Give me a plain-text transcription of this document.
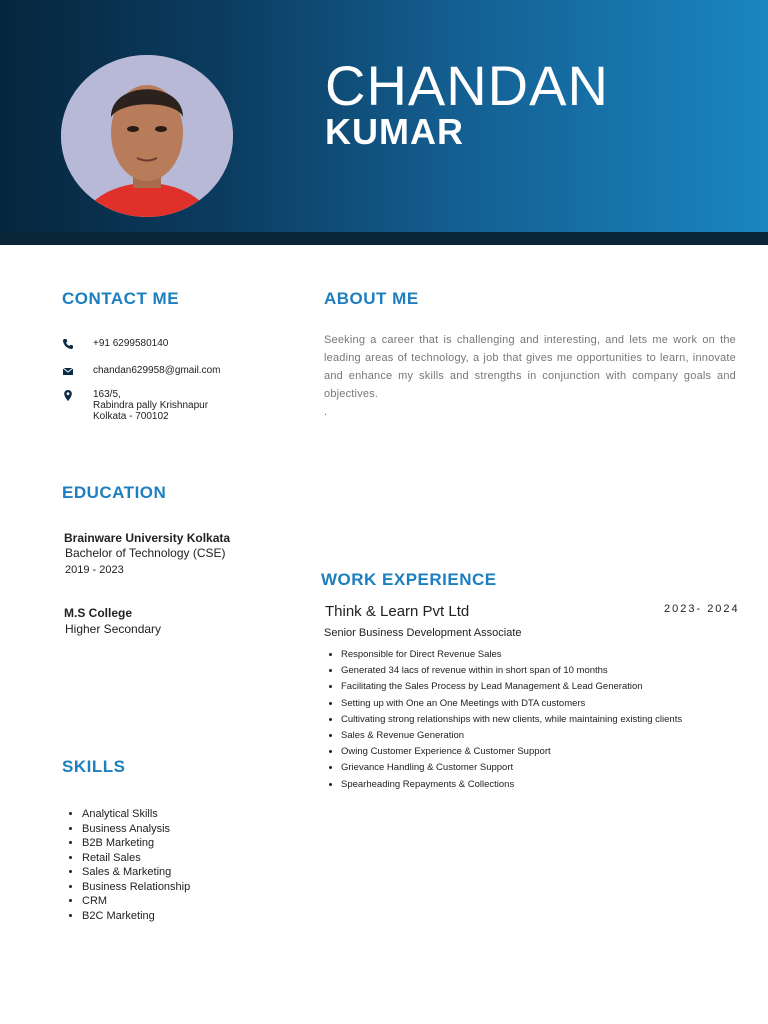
CHANDAN
KUMAR
CONTACT ME
+91 6299580140
chandan629958@gmail.com
163/5,
Rabindra pally Krishnapur
Kolkata - 700102
ABOUT ME
Seeking a career that is challenging and interesting, and lets me work on the leading areas of technology, a job that gives me opportunities to learn, innovate and enhance my skills and strengths in conjunction with company goals and objectives.
.
EDUCATION
Brainware University Kolkata
Bachelor of Technology (CSE)
2019 - 2023
M.S College
Higher Secondary
WORK EXPERIENCE
Think & Learn Pvt Ltd	2023- 2024
Senior Business Development Associate
• Responsible for Direct Revenue Sales
• Generated 34 lacs of revenue within in short span of 10 months
• Facilitating the Sales Process by Lead Management & Lead Generation
• Setting up with One an One Meetings with DTA customers
• Cultivating strong relationships with new clients, while maintaining existing clients
• Sales & Revenue Generation
• Owing Customer Experience & Customer Support
• Grievance Handling & Customer Support
• Spearheading Repayments & Collections
SKILLS
• Analytical Skills
• Business Analysis
• B2B Marketing
• Retail Sales
• Sales & Marketing
• Business Relationship
• CRM
• B2C Marketing
